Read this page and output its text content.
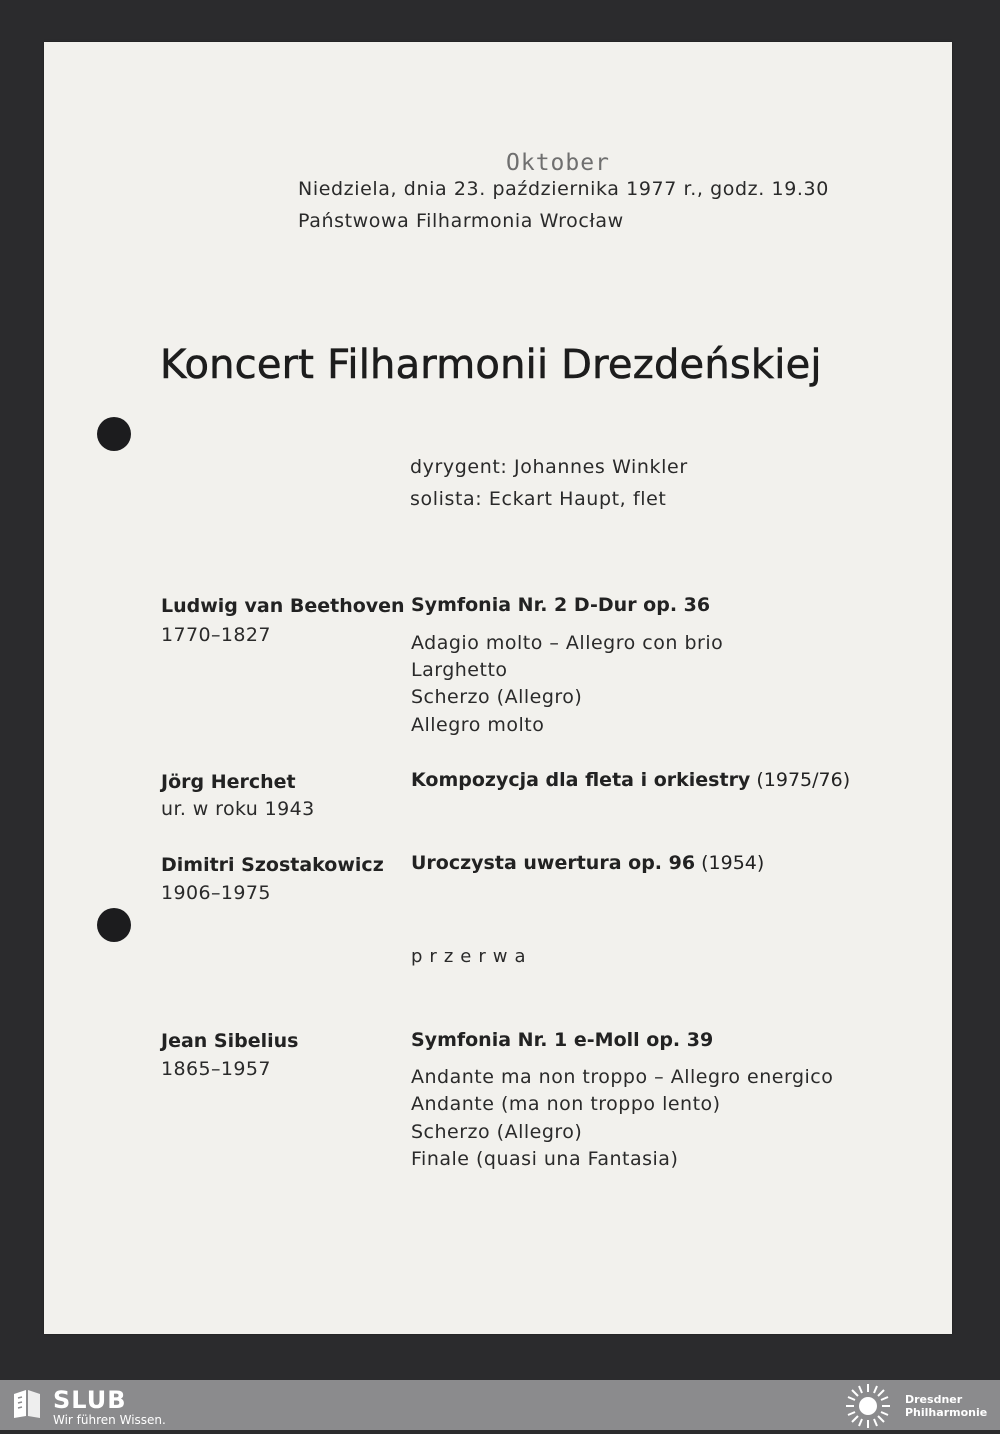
Oktober
Niedziela, dnia 23. października 1977 r., godz. 19.30
Państwowa Filharmonia Wrocław
Koncert Filharmonii Drezdeńskiej
dyrygent: Johannes Winkler
solista: Eckart Haupt, flet
Ludwig van Beethoven
1770–1827
Symfonia Nr. 2 D-Dur op. 36
Adagio molto – Allegro con brio
Larghetto
Scherzo (Allegro)
Allegro molto
Jörg Herchet
ur. w roku 1943
Kompozycja dla fleta i orkiestry (1975/76)
Dimitri Szostakowicz
1906–1975
Uroczysta uwertura op. 96 (1954)
przerwa
Jean Sibelius
1865–1957
Symfonia Nr. 1 e-Moll op. 39
Andante ma non troppo – Allegro energico
Andante (ma non troppo lento)
Scherzo (Allegro)
Finale (quasi una Fantasia)
SLUB
Wir führen Wissen.
Dresdner
Philharmonie
